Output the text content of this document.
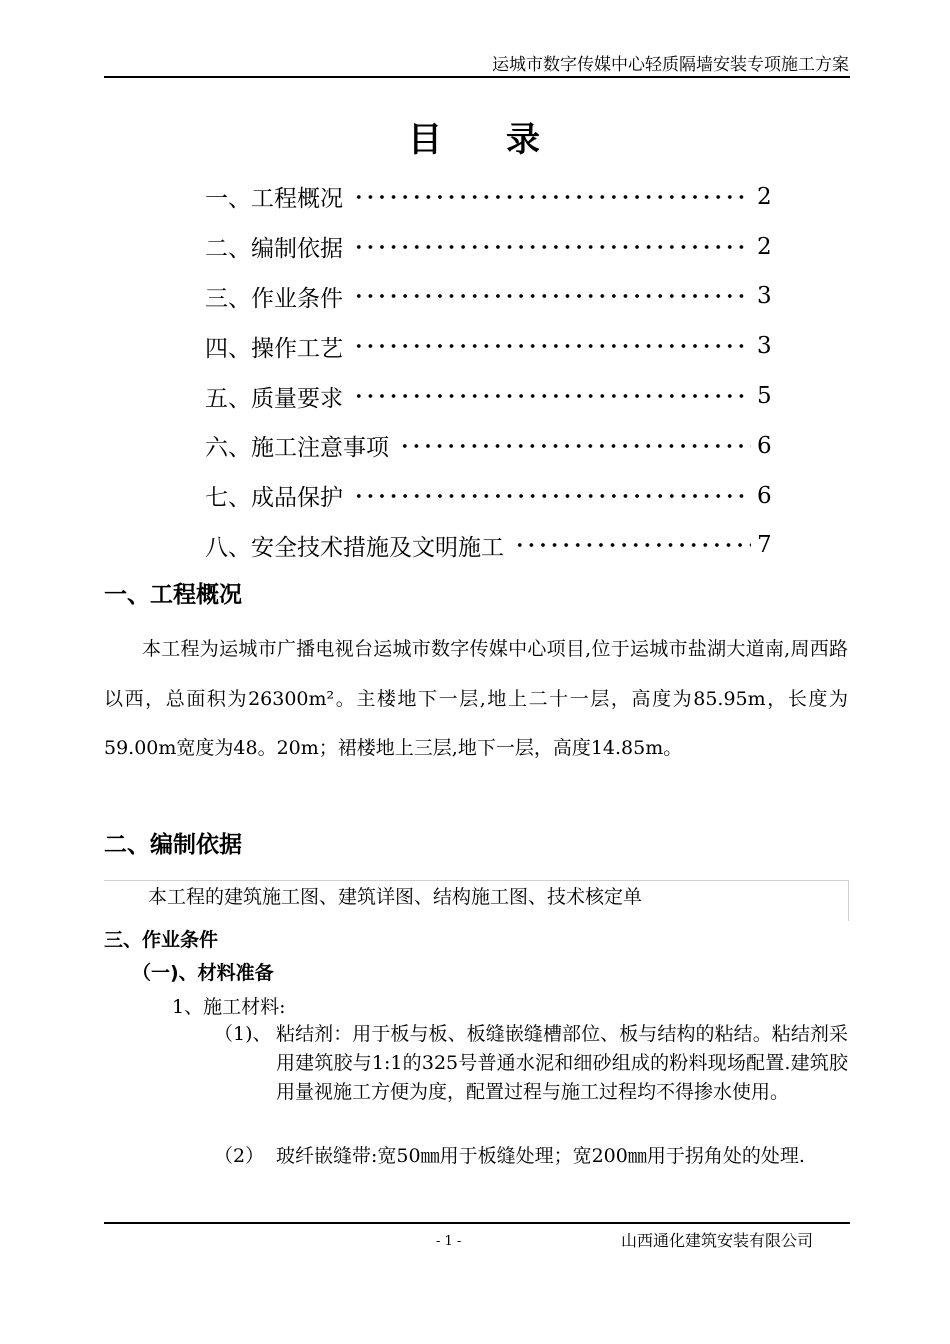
运城市数字传媒中心轻质隔墙安装专项施工方案
目 录
一、工程概况	2
二、编制依据	2
三、作业条件	3
四、操作工艺	3
五、质量要求	5
六、施工注意事项	6
七、成品保护	6
八、安全技术措施及文明施工	7
一、工程概况

本工程为运城市广播电视台运城市数字传媒中心项目,位于运城市盐湖大道南,周西路以西，总面积为26300m²。主楼地下一层,地上二十一层，高度为85.95m，长度为59.00m宽度为48。20m；裙楼地上三层,地下一层，高度14.85m。

二、编制依据
本工程的建筑施工图、建筑详图、结构施工图、技术核定单
三、作业条件
（一)、材料准备
1、施工材料:
（1)、 粘结剂：用于板与板、板缝嵌缝槽部位、板与结构的粘结。粘结剂采用建筑胶与1:1的325号普通水泥和细砂组成的粉料现场配置.建筑胶用量视施工方便为度，配置过程与施工过程均不得掺水使用。
（2） 玻纤嵌缝带:宽50㎜用于板缝处理；宽200㎜用于拐角处的处理.
- 1 -	山西通化建筑安装有限公司
